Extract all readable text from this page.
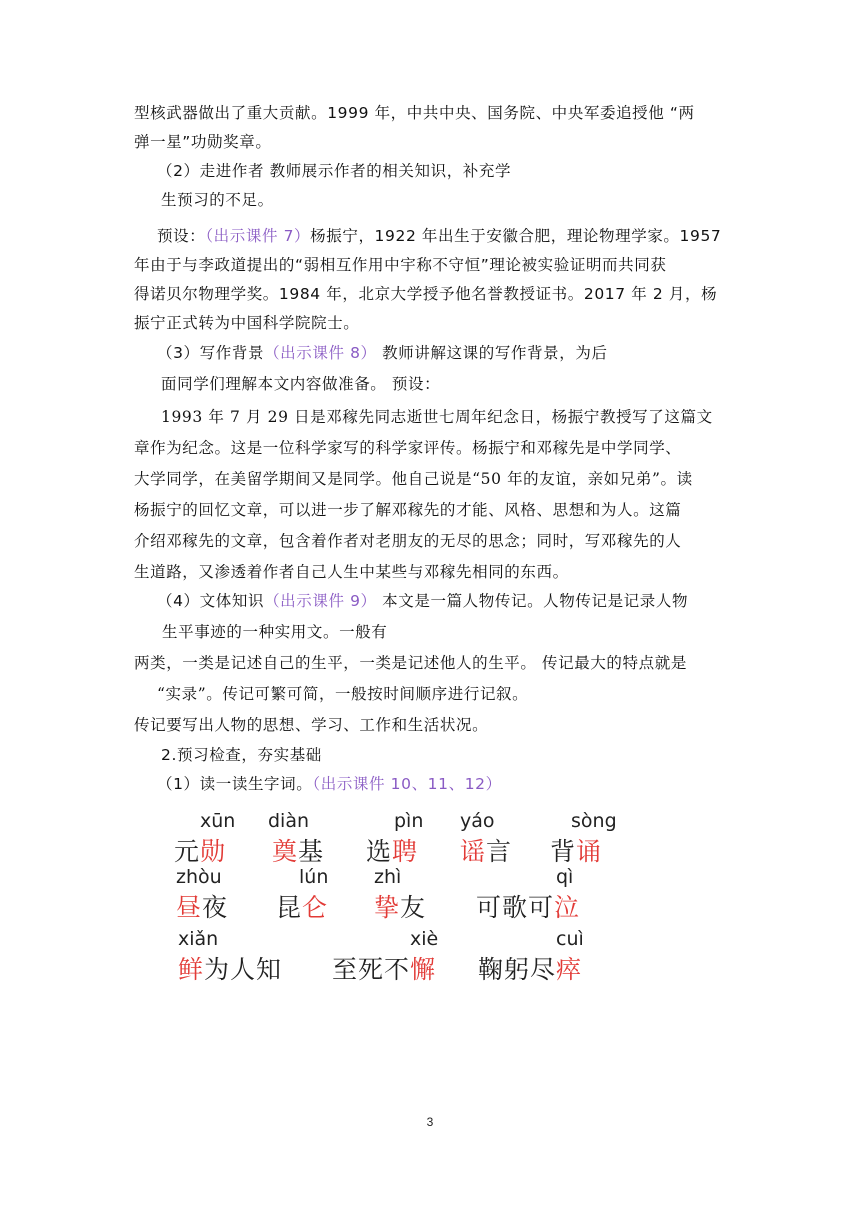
型核武器做出了重大贡献。1999 年，中共中央、国务院、中央军委追授他 “两

弹一星”功勋奖章。

（2）走进作者 教师展示作者的相关知识，补充学

生预习的不足。

预设：（出示课件 7）杨振宁，1922 年出生于安徽合肥，理论物理学家。1957

年由于与李政道提出的“弱相互作用中宇称不守恒”理论被实验证明而共同获

得诺贝尔物理学奖。1984 年，北京大学授予他名誉教授证书。2017 年 2 月，杨

振宁正式转为中国科学院院士。

（3）写作背景（出示课件 8） 教师讲解这课的写作背景，为后

面同学们理解本文内容做准备。 预设：

1993 年 7 月 29 日是邓稼先同志逝世七周年纪念日，杨振宁教授写了这篇文

章作为纪念。这是一位科学家写的科学家评传。杨振宁和邓稼先是中学同学、

大学同学，在美留学期间又是同学。他自己说是“50 年的友谊，亲如兄弟”。读

杨振宁的回忆文章，可以进一步了解邓稼先的才能、风格、思想和为人。这篇

介绍邓稼先的文章，包含着作者对老朋友的无尽的思念；同时，写邓稼先的人

生道路，又渗透着作者自己人生中某些与邓稼先相同的东西。

（4）文体知识（出示课件 9） 本文是一篇人物传记。人物传记是记录人物

生平事迹的一种实用文。一般有

两类，一类是记述自己的生平，一类是记述他人的生平。 传记最大的特点就是

“实录”。传记可繁可简，一般按时间顺序进行记叙。

传记要写出人物的思想、学习、工作和生活状况。

2.预习检查，夯实基础

（1）读一读生字词。（出示课件 10、11、12）

xūn
元勋
diàn
奠基
pìn
选聘
yáo
谣言
sòng
背诵
zhòu
昼夜
lún
昆仑
zhì
挚友
qì
可歌可泣
xiǎn
鲜为人知
xiè
至死不懈
cuì
鞠躬尽瘁
3
